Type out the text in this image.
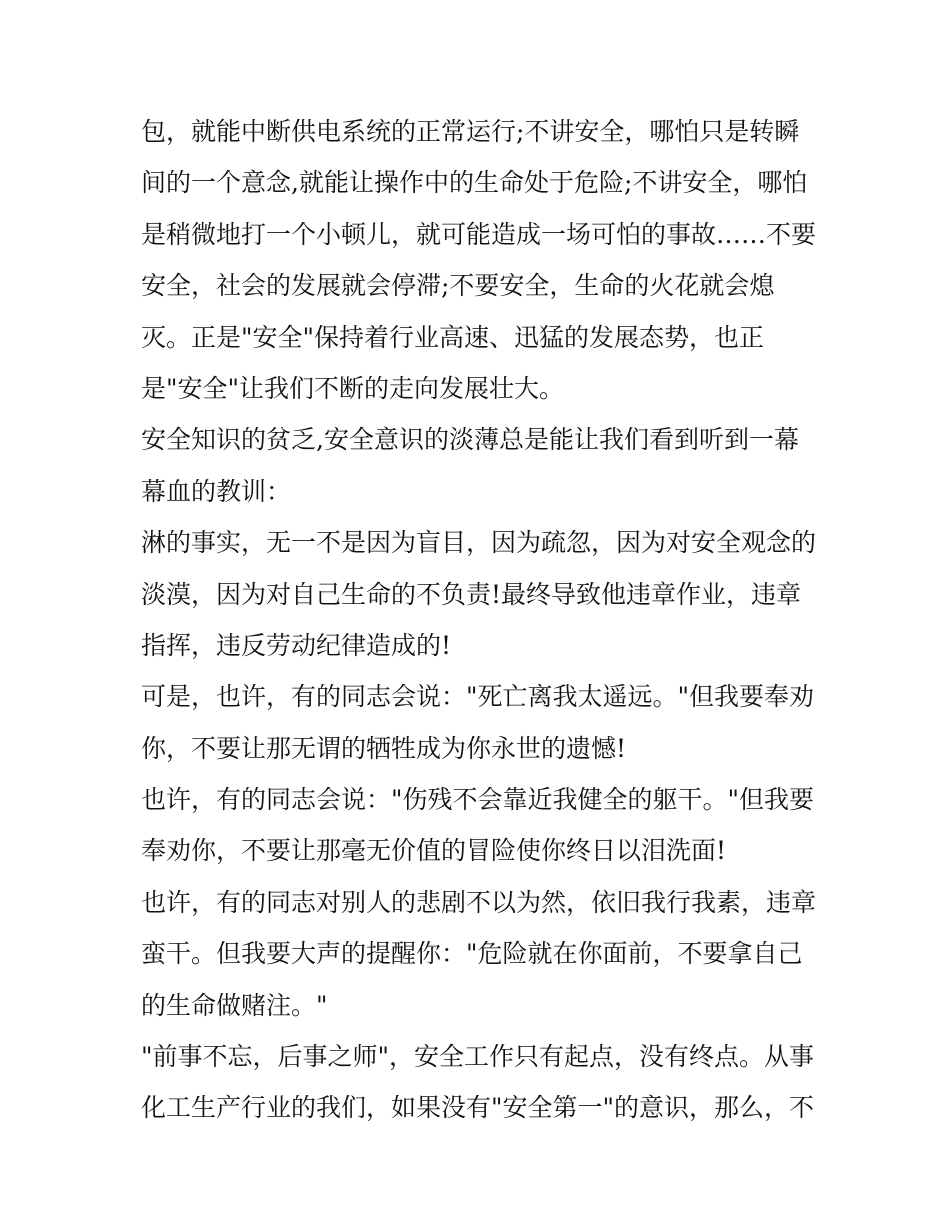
包，就能中断供电系统的正常运行;不讲安全，哪怕只是转瞬
间的一个意念,就能让操作中的生命处于危险;不讲安全，哪怕
是稍微地打一个小顿儿，就可能造成一场可怕的事故……不要
安全，社会的发展就会停滞;不要安全，生命的火花就会熄
灭。正是"安全"保持着行业高速、迅猛的发展态势，也正
是"安全"让我们不断的走向发展壮大。
安全知识的贫乏,安全意识的淡薄总是能让我们看到听到一幕
幕血的教训：
淋的事实，无一不是因为盲目，因为疏忽，因为对安全观念的
淡漠，因为对自己生命的不负责!最终导致他违章作业，违章
指挥，违反劳动纪律造成的!
可是，也许，有的同志会说："死亡离我太遥远。"但我要奉劝
你，不要让那无谓的牺牲成为你永世的遗憾!
也许，有的同志会说："伤残不会靠近我健全的躯干。"但我要
奉劝你，不要让那毫无价值的冒险使你终日以泪洗面!
也许，有的同志对别人的悲剧不以为然，依旧我行我素，违章
蛮干。但我要大声的提醒你："危险就在你面前，不要拿自己
的生命做赌注。"
"前事不忘，后事之师"，安全工作只有起点，没有终点。从事
化工生产行业的我们，如果没有"安全第一"的意识，那么，不
